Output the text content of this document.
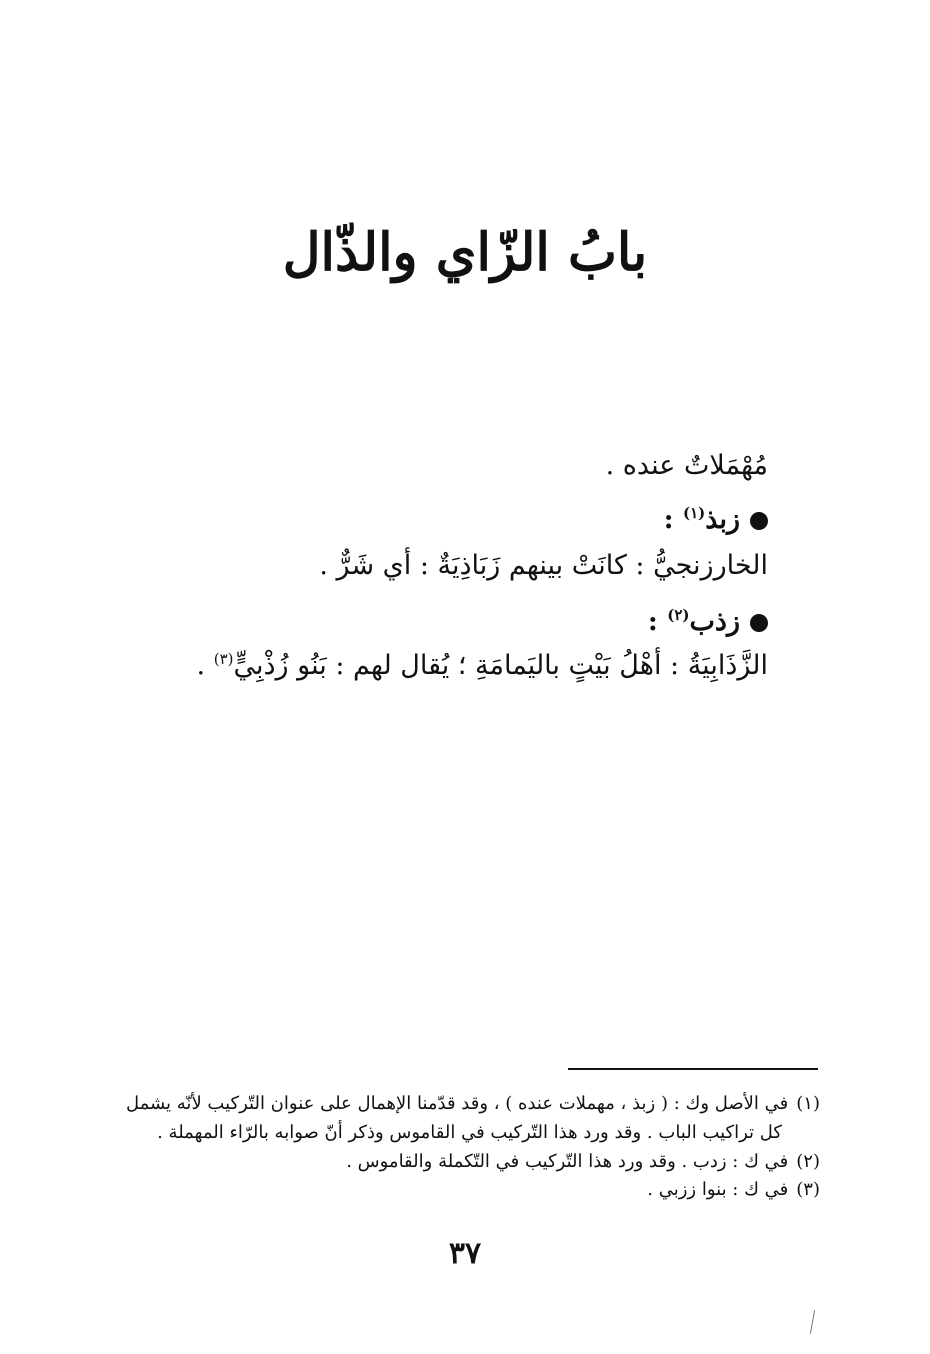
بابُ الزّاي والذّال
مُهْمَلاتٌ عنده .
زبذ$^{(١)}$ :
الخارزنجيُّ : كانَتْ بينهم زَبَاذِيَةٌ : أي شَرٌّ .
زذب$^{(٢)}$ :
الزَّذَابِيَةُ : أهْلُ بَيْتٍ باليَمامَةِ ؛ يُقال لهم : بَنُو زُذْبِيٍّ$^{(٣)}$ .

(١)في الأصل وك : ( زبذ ، مهملات عنده ) ، وقد قدّمنا الإهمال على عنوان التّركيب لأنّه يشمل

كل تراكيب الباب . وقد ورد هذا التّركيب في القاموس وذكر أنّ صوابه بالرّاء المهملة .

(٢)في ك : زدب . وقد ورد هذا التّركيب في التّكملة والقاموس .

(٣)في ك : بنوا ززبي .

٣٧
